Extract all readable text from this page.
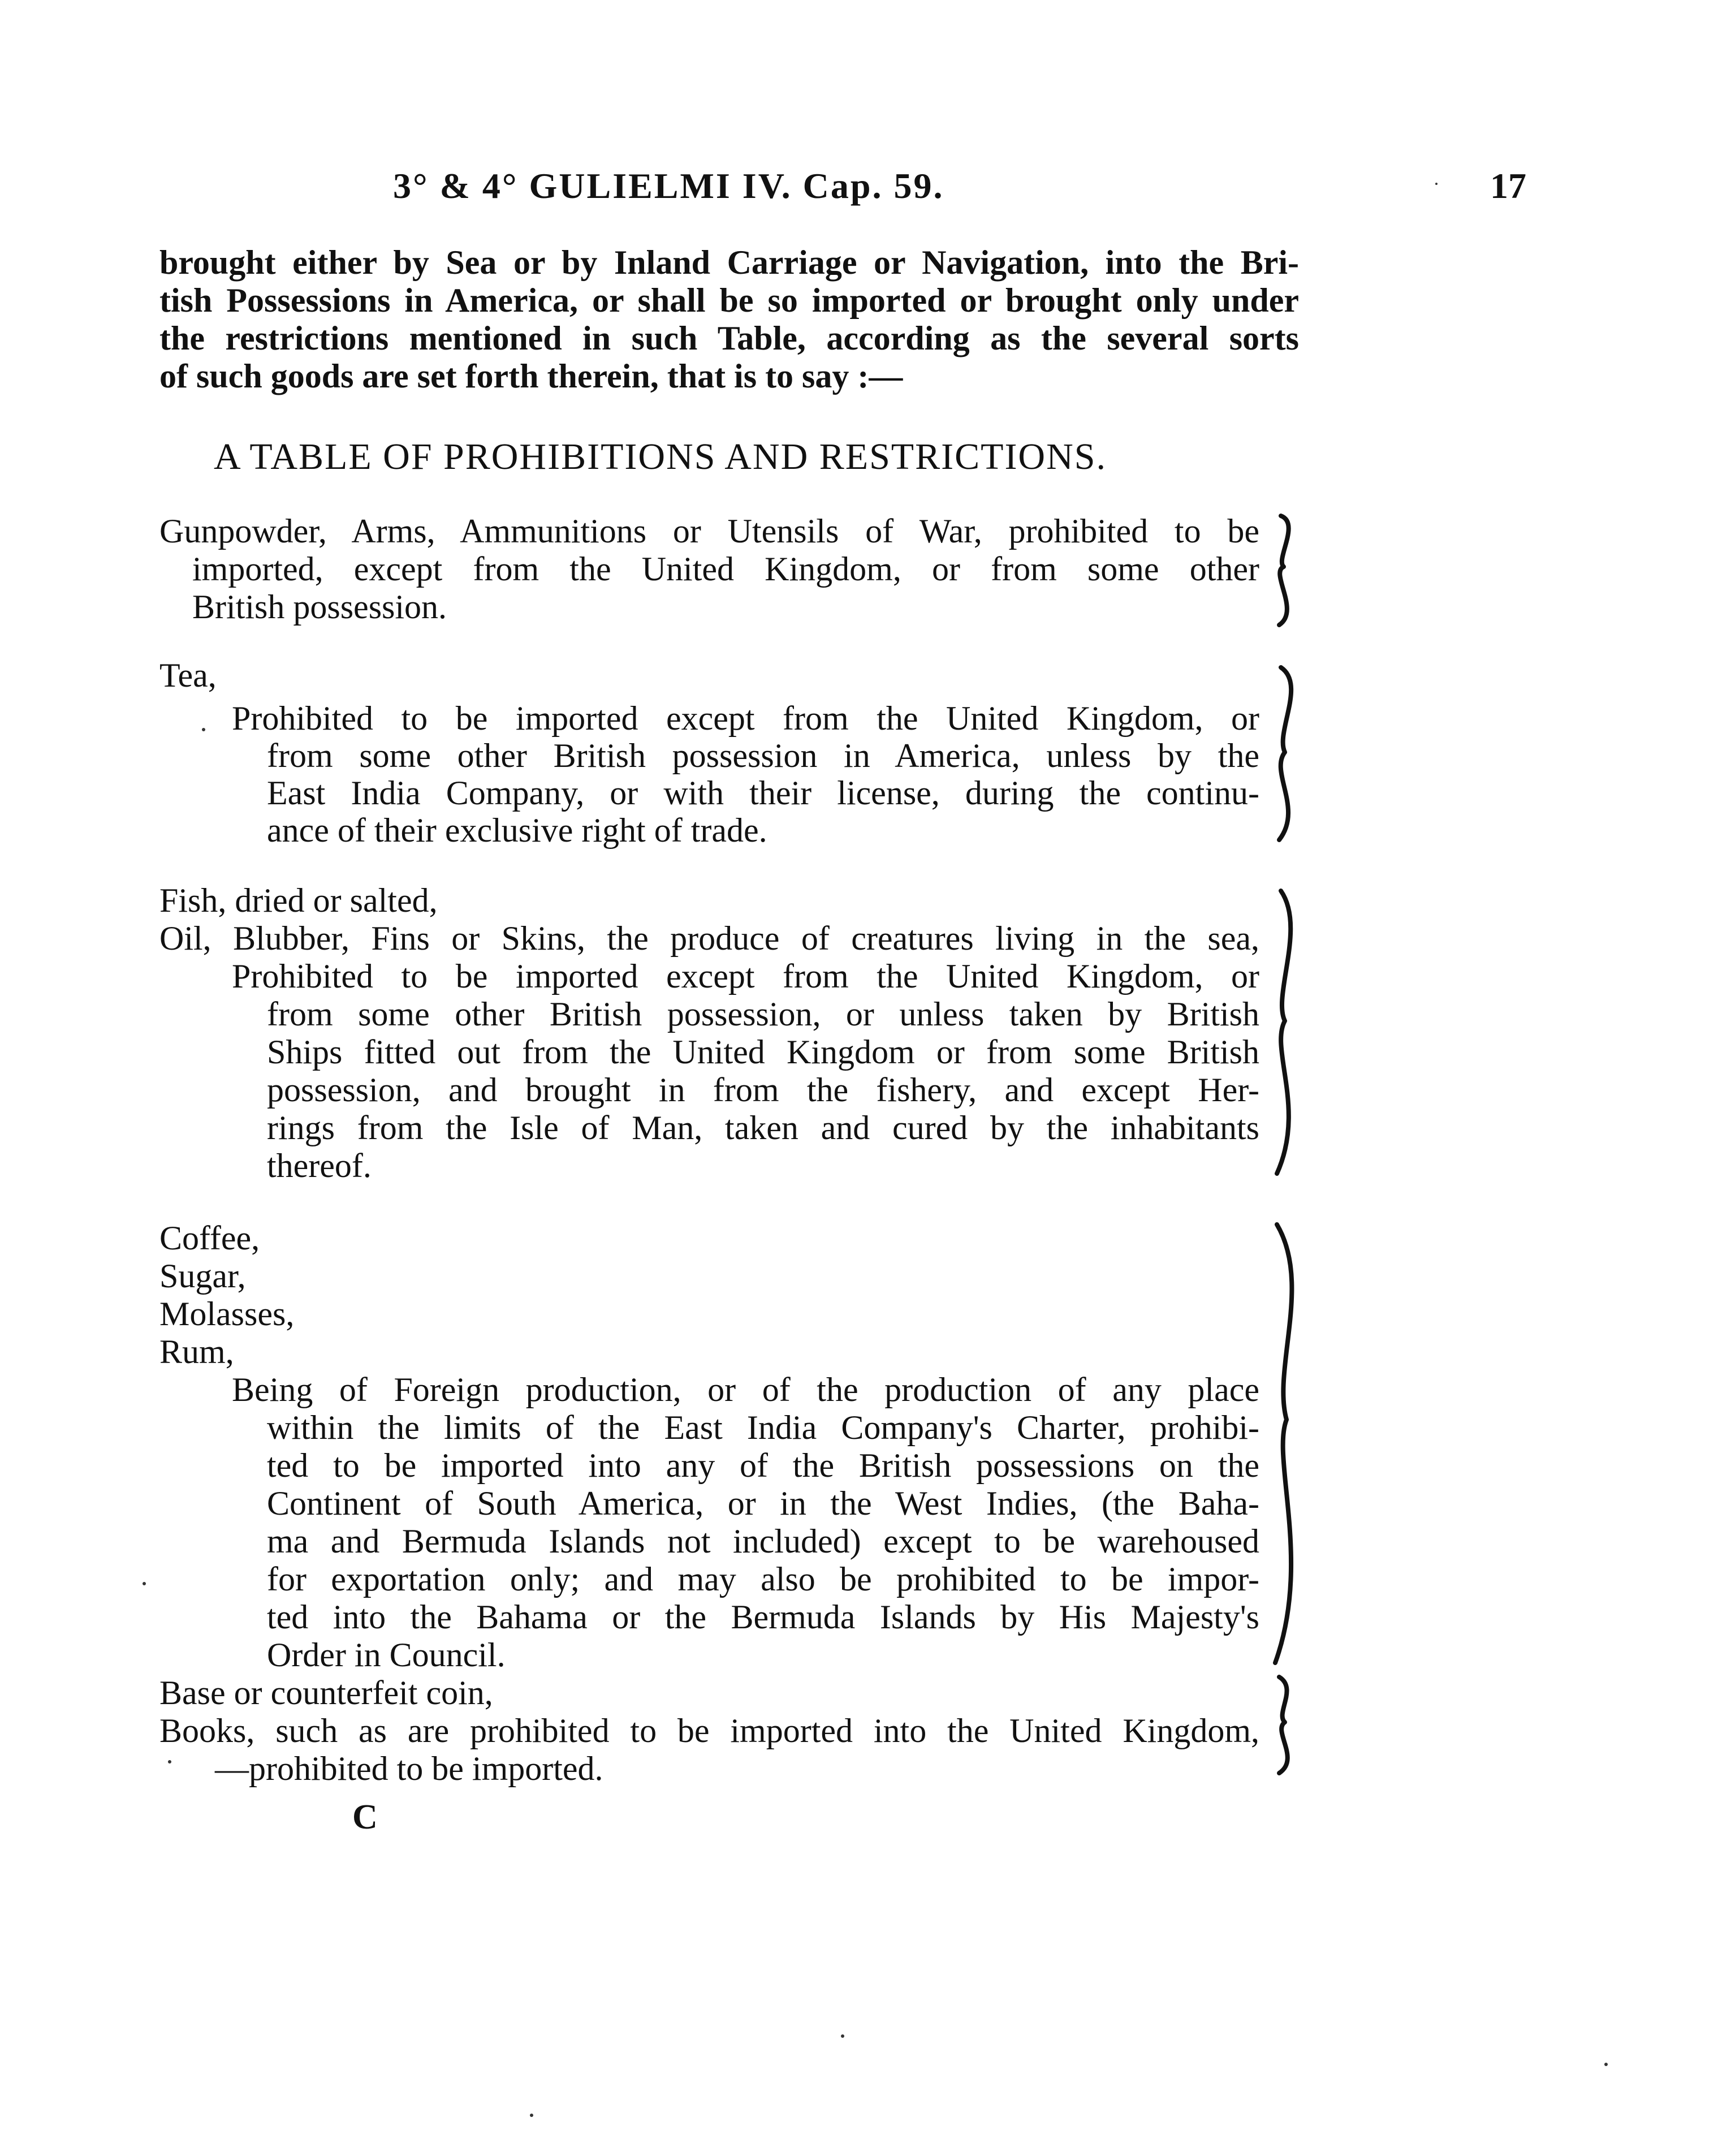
3° & 4° GULIELMI IV. Cap. 59.	17
brought either by Sea or by Inland Carriage or Navigation, into the Bri-
tish Possessions in America, or shall be so imported or brought only under
the restrictions mentioned in such Table, according as the several sorts
of such goods are set forth therein, that is to say :—
A TABLE OF PROHIBITIONS AND RESTRICTIONS.
Gunpowder, Arms, Ammunitions or Utensils of War, prohibited to be
imported, except from the United Kingdom, or from some other
British possession.
Tea,
Prohibited to be imported except from the United Kingdom, or
from some other British possession in America, unless by the
East India Company, or with their license, during the continu-
ance of their exclusive right of trade.
Fish, dried or salted,
Oil, Blubber, Fins or Skins, the produce of creatures living in the sea,
Prohibited to be imported except from the United Kingdom, or
from some other British possession, or unless taken by British
Ships fitted out from the United Kingdom or from some British
possession, and brought in from the fishery, and except Her-
rings from the Isle of Man, taken and cured by the inhabitants
thereof.
Coffee,
Sugar,
Molasses,
Rum,
Being of Foreign production, or of the production of any place
within the limits of the East India Company's Charter, prohibi-
ted to be imported into any of the British possessions on the
Continent of South America, or in the West Indies, (the Baha-
ma and Bermuda Islands not included) except to be warehoused
for exportation only; and may also be prohibited to be impor-
ted into the Bahama or the Bermuda Islands by His Majesty's
Order in Council.
Base or counterfeit coin,
Books, such as are prohibited to be imported into the United Kingdom,
—prohibited to be imported.
C
